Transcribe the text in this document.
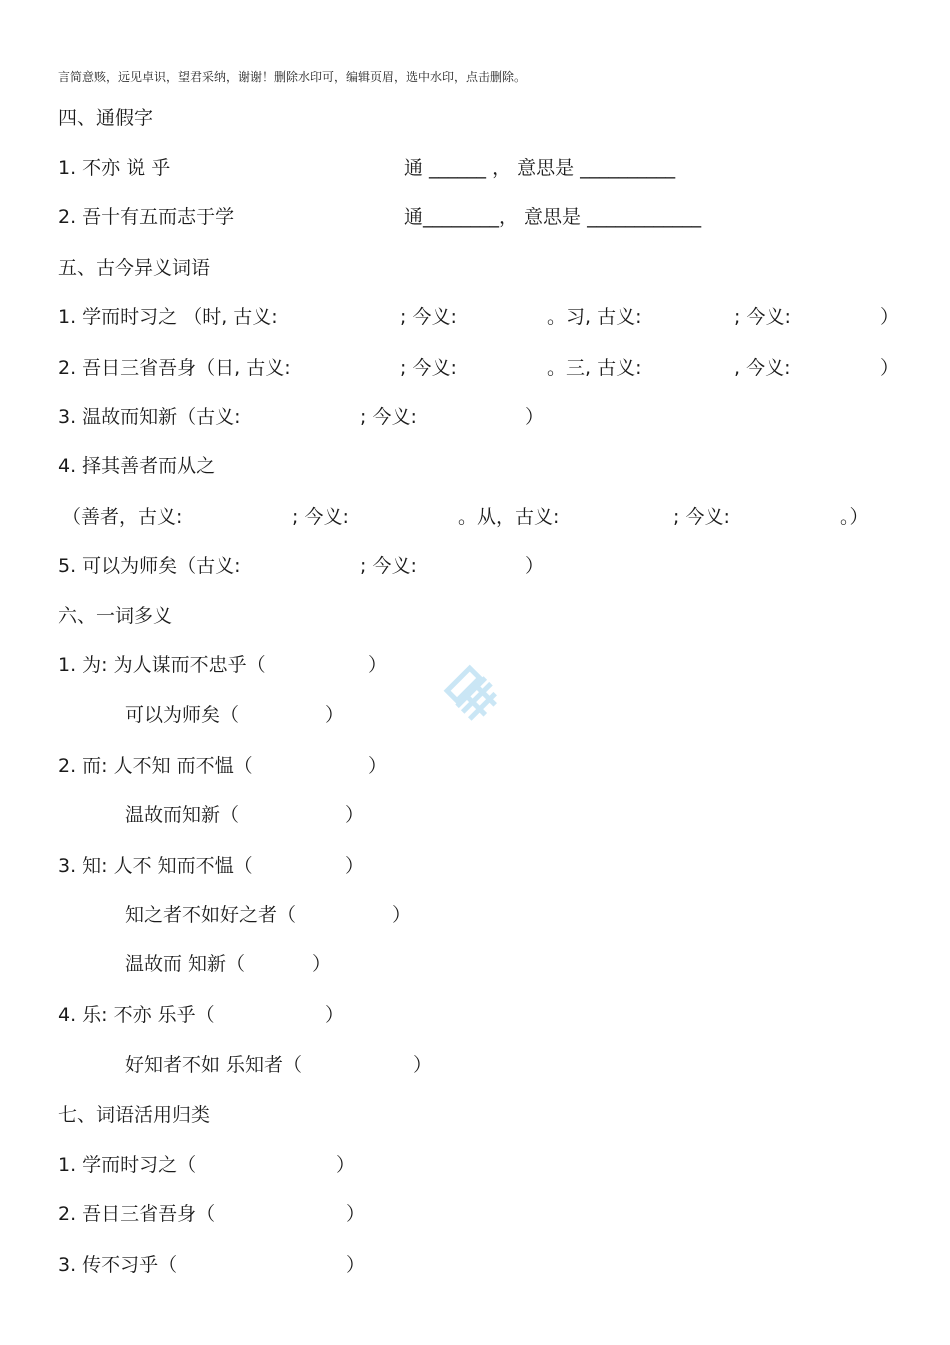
言简意赅，远见卓识，望君采纳，谢谢！删除水印可，编辑页眉，选中水印，点击删除。
四、通假字
1. 不亦 说 乎	通 ______ ， 意思是 __________
2. 吾十有五而志于学	通________， 意思是 ____________
五、古今异义词语
1. 学而时习之 （时, 古义:	; 今义:	。习, 古义:	; 今义:	）
2. 吾日三省吾身（日, 古义:	; 今义:	。三, 古义:	, 今义:	）
3. 温故而知新（古义:	; 今义:	）
4. 择其善者而从之
（善者，古义:	; 今义:	。从，古义:	; 今义:	。）
5. 可以为师矣（古义:	; 今义:	）
六、一词多义
1. 为: 为人谋而不忠乎（	）
可以为师矣（	）
2. 而: 人不知 而不愠（	）
温故而知新（	）
3. 知: 人不 知而不愠（	）
知之者不如好之者（	）
温故而 知新（	）
4. 乐: 不亦 乐乎（	）
好知者不如 乐知者（	）
七、词语活用归类
1. 学而时习之（	）
2. 吾日三省吾身（	）
3. 传不习乎（	）
